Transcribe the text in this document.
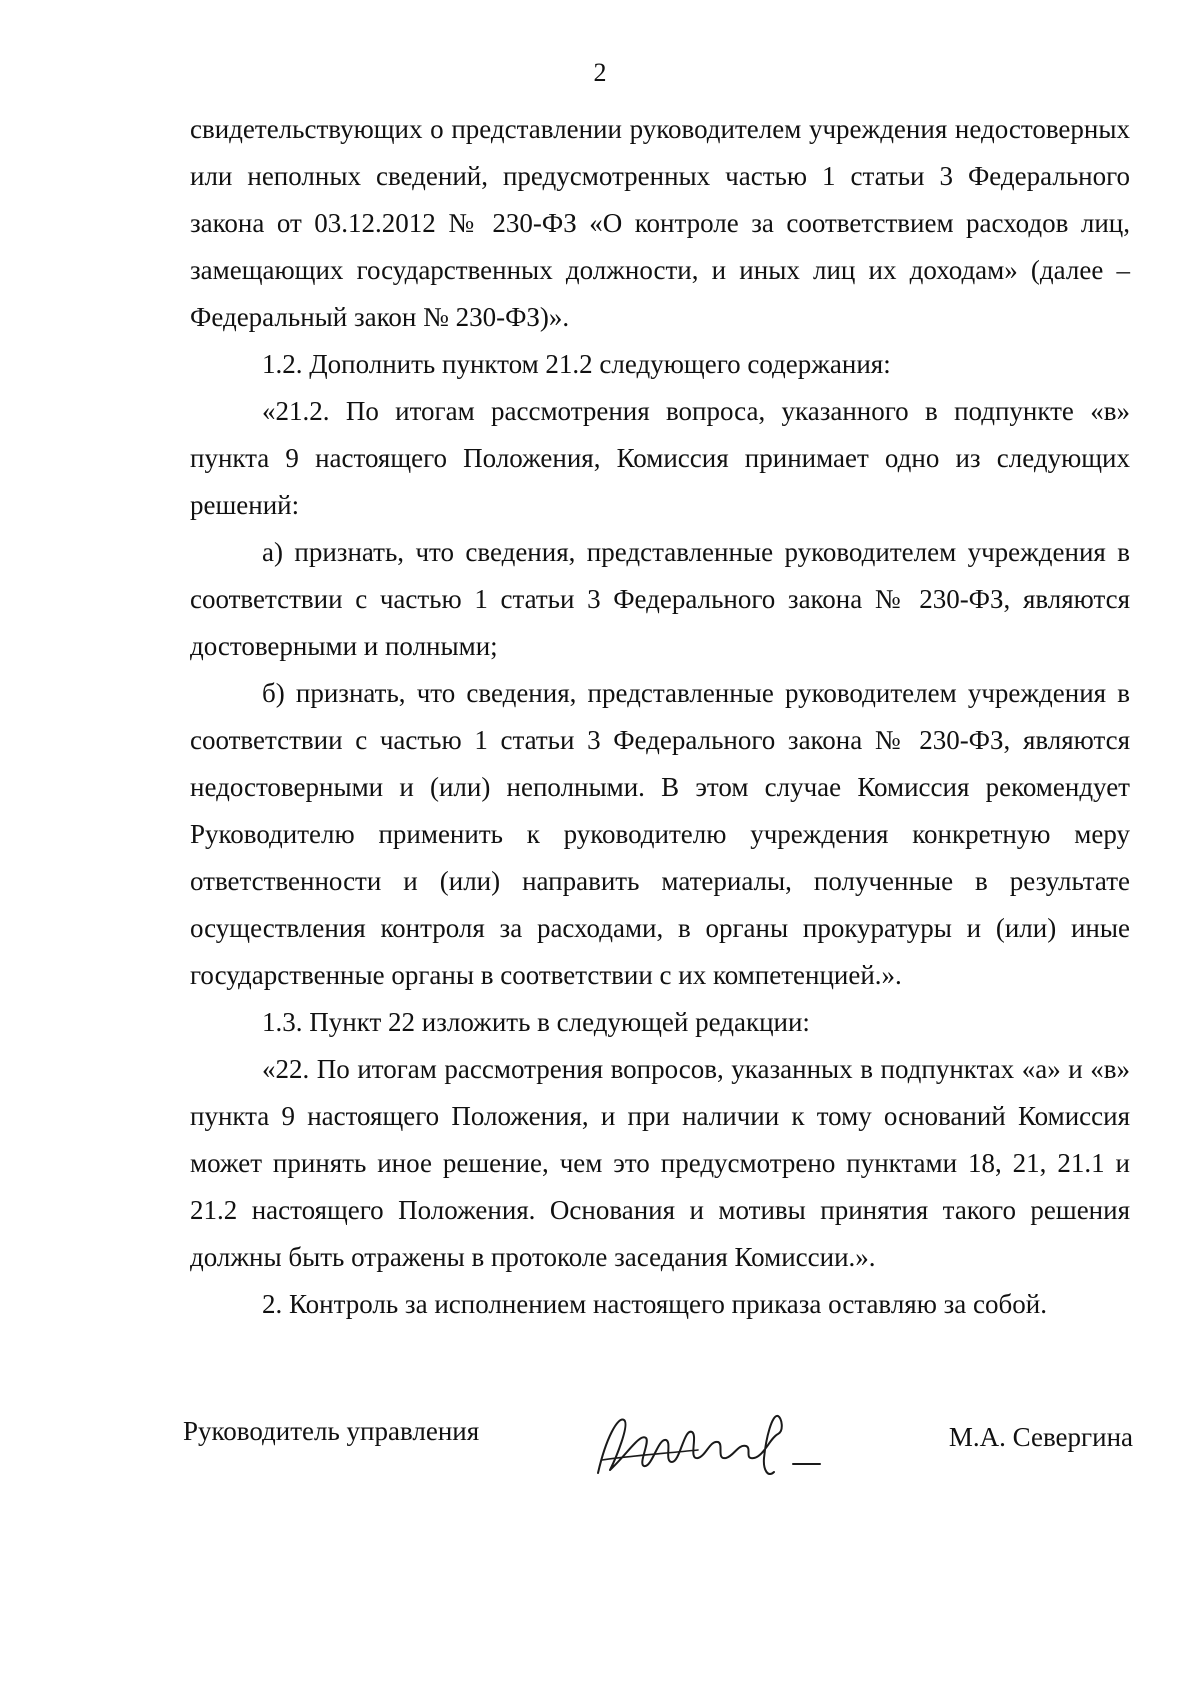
2

свидетельствующих о представлении руководителем учреждения недостоверных или неполных сведений, предусмотренных частью 1 статьи 3 Федерального закона от 03.12.2012 № 230-ФЗ «О контроле за соответствием расходов лиц, замещающих государственных должности, и иных лиц их доходам» (далее – Федеральный закон № 230-ФЗ)».

1.2. Дополнить пунктом 21.2 следующего содержания:

«21.2. По итогам рассмотрения вопроса, указанного в подпункте «в» пункта 9 настоящего Положения, Комиссия принимает одно из следующих решений:

а) признать, что сведения, представленные руководителем учреждения в соответствии с частью 1 статьи 3 Федерального закона № 230-ФЗ, являются достоверными и полными;

б) признать, что сведения, представленные руководителем учреждения в соответствии с частью 1 статьи 3 Федерального закона № 230-ФЗ, являются недостоверными и (или) неполными. В этом случае Комиссия рекомендует Руководителю применить к руководителю учреждения конкретную меру ответственности и (или) направить материалы, полученные в результате осуществления контроля за расходами, в органы прокуратуры и (или) иные государственные органы в соответствии с их компетенцией.».

1.3. Пункт 22 изложить в следующей редакции:

«22. По итогам рассмотрения вопросов, указанных в подпунктах «а» и «в» пункта 9 настоящего Положения, и при наличии к тому оснований Комиссия может принять иное решение, чем это предусмотрено пунктами 18, 21, 21.1 и 21.2 настоящего Положения. Основания и мотивы принятия такого решения должны быть отражены в протоколе заседания Комиссии.».

2. Контроль за исполнением настоящего приказа оставляю за собой.

Руководитель управления	М.А. Севергина
